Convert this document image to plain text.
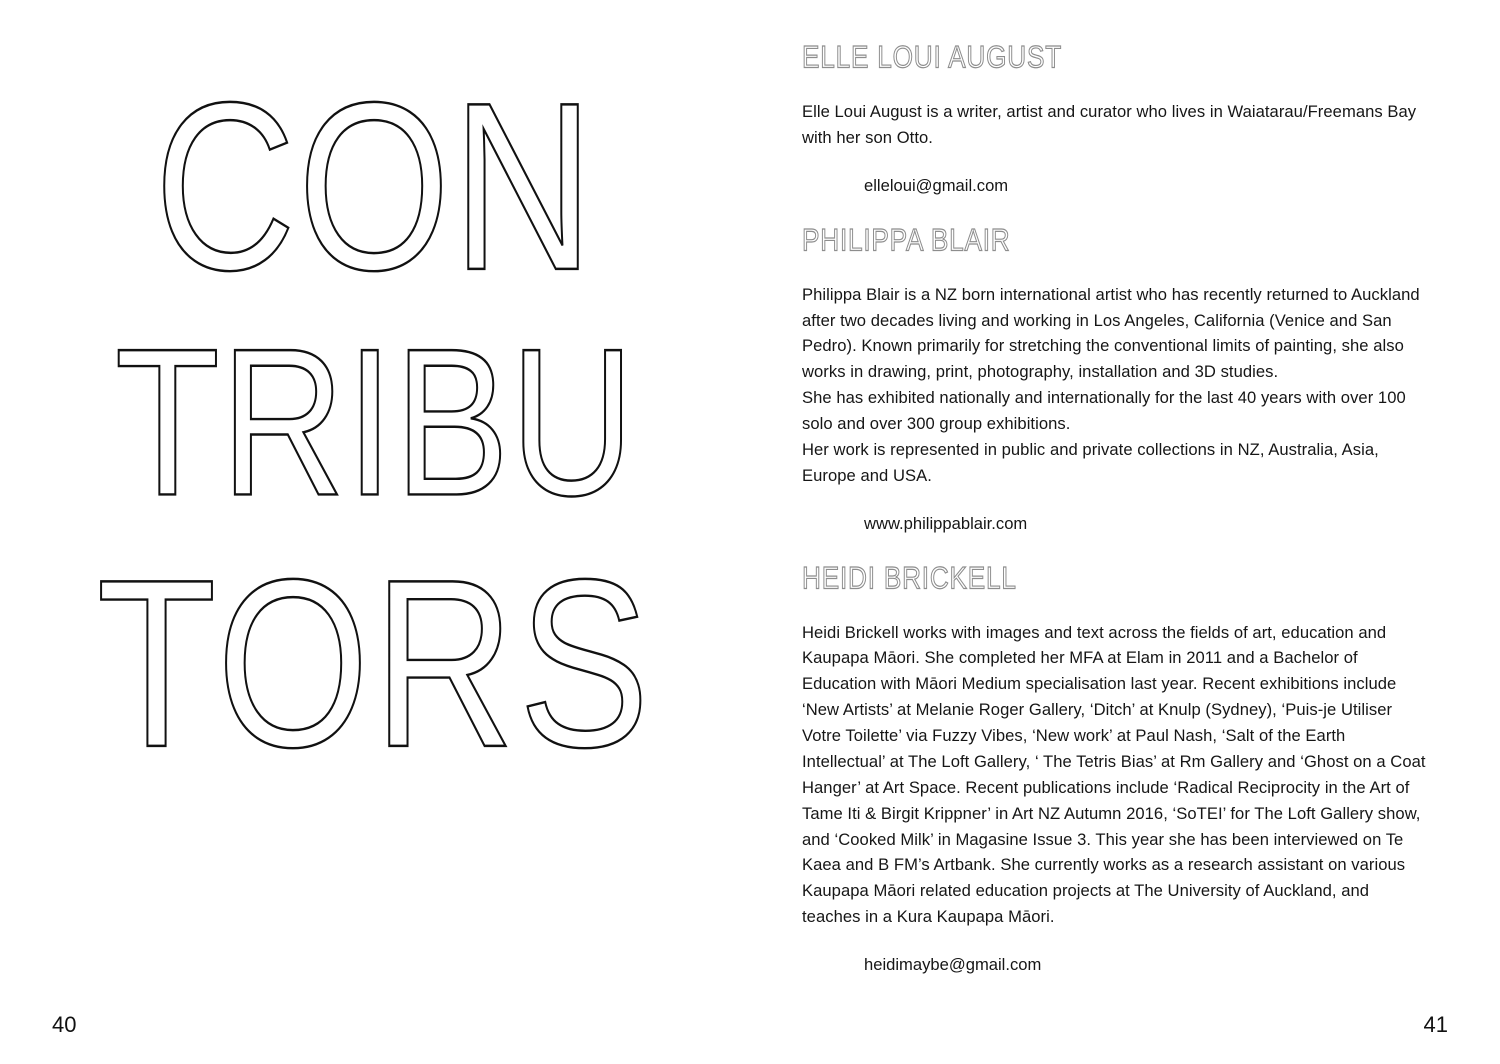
CON
TRIBU
TORS
40
ELLE LOUI AUGUST

Elle Loui August is a writer, artist and curator who lives in Waiatarau/Freemans Bay with her son Otto.

elleloui@gmail.com

PHILIPPA BLAIR

Philippa Blair is a NZ born international artist who has recently returned to Auckland after two decades living and working in Los Angeles, California (Venice and San Pedro). Known primarily for stretching the conventional limits of painting, she also works in drawing, print, photography, installation and 3D studies.
She has exhibited nationally and internationally for the last 40 years with over 100 solo and over 300 group exhibitions.
Her work is represented in public and private collections in NZ, Australia, Asia, Europe and USA.

www.philippablair.com

HEIDI BRICKELL

Heidi Brickell works with images and text across the fields of art, education and Kaupapa Māori. She completed her MFA at Elam in 2011 and a Bachelor of Education with Māori Medium specialisation last year. Recent exhibitions include ‘New Artists’ at Melanie Roger Gallery, ‘Ditch’ at Knulp (Sydney), ‘Puis-je Utiliser Votre Toilette’ via Fuzzy Vibes, ‘New work’ at Paul Nash, ‘Salt of the Earth Intellectual’ at The Loft Gallery, ‘ The Tetris Bias’ at Rm Gallery and ‘Ghost on a Coat Hanger’ at Art Space. Recent publications include ‘Radical Reciprocity in the Art of Tame Iti & Birgit Krippner’ in Art NZ Autumn 2016, ‘SoTEI’ for The Loft Gallery show, and ‘Cooked Milk’ in Magasine Issue 3. This year she has been interviewed on Te Kaea and B FM’s Artbank. She currently works as a research assistant on various Kaupapa Māori related education projects at The University of Auckland, and teaches in a Kura Kaupapa Māori.

heidimaybe@gmail.com

41
